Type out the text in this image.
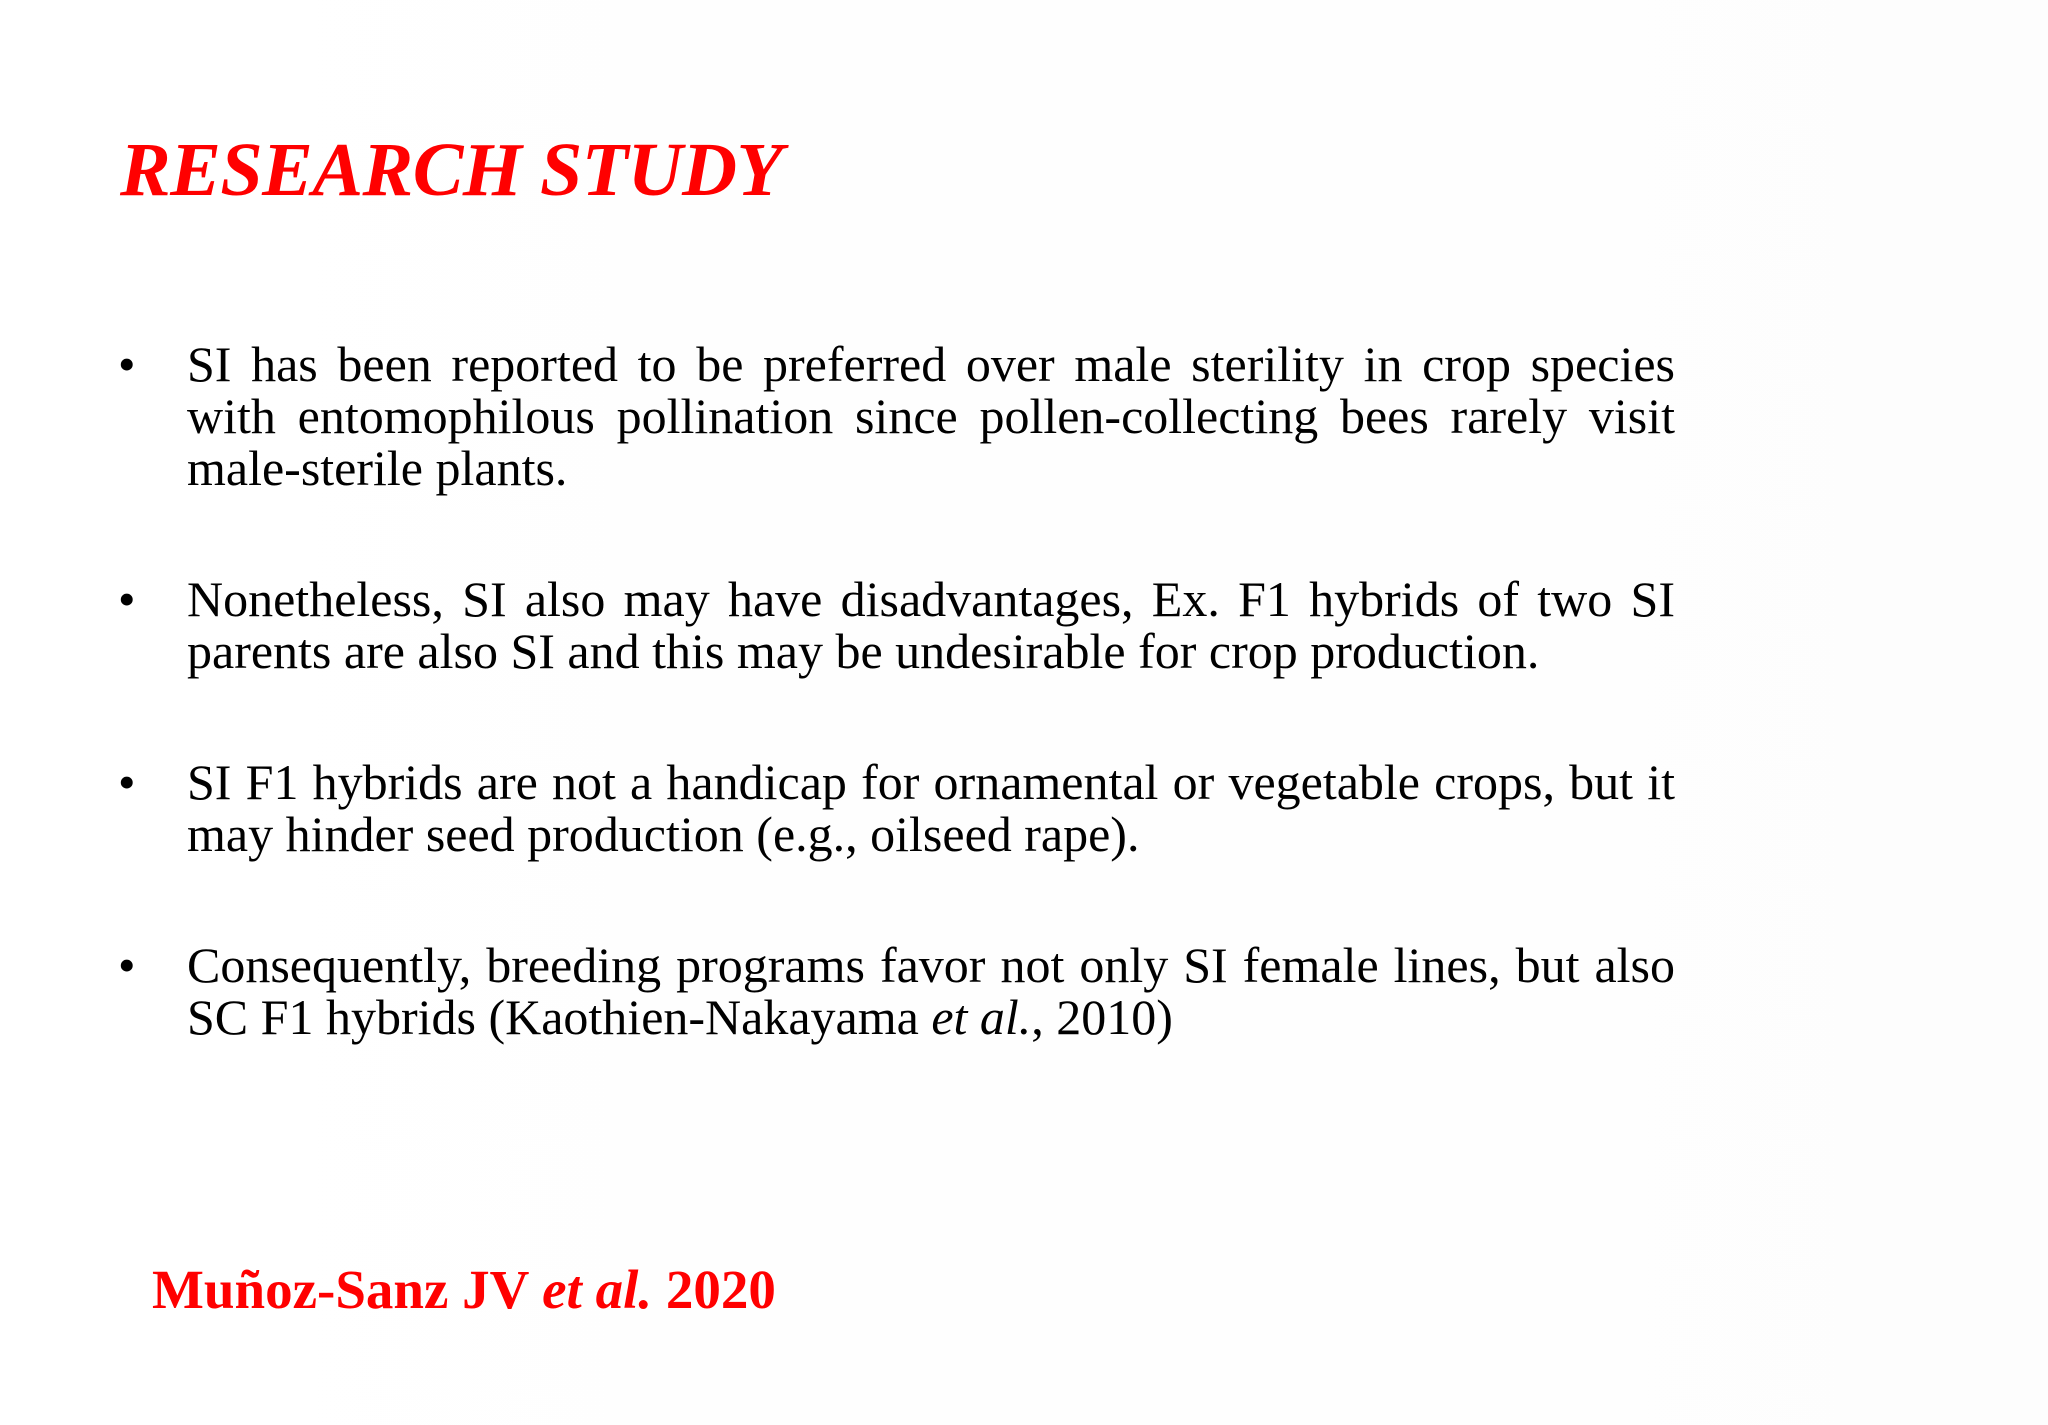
RESEARCH STUDY
•	SI has been reported to be preferred over male sterility in crop species with entomophilous pollination since pollen-collecting bees rarely visit male-sterile plants.

•	Nonetheless, SI also may have disadvantages, Ex. F1 hybrids of two SI parents are also SI and this may be undesirable for crop production.

•	SI F1 hybrids are not a handicap for ornamental or vegetable crops, but it may hinder seed production (e.g., oilseed rape).

•	Consequently, breeding programs favor not only SI female lines, but also SC F1 hybrids (Kaothien-Nakayama et al., 2010)

Muñoz-Sanz JV et al. 2020
